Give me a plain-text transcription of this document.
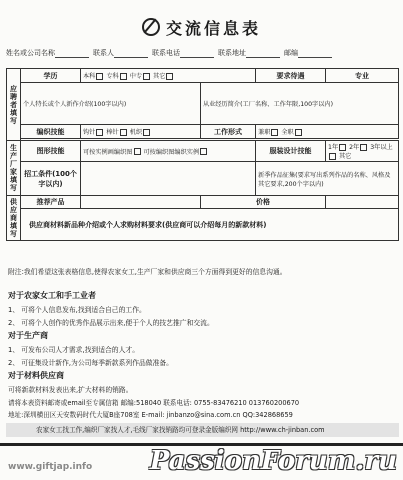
交流信息表
姓名或公司名称	联系人	联系电话	联系地址	邮编
应聘者填写	学历	本科 专科 中专 其它		要求待遇	专业
	个人特长或个人新作介绍(100字以内)		从业经历简介(工厂名称、工作年限,100字以内)		
	编织技能	钩针 棒针 机织	工作形式	兼职 全职	

生产厂家填写	图形技能	可按实例画编织图 可按编织图编织实例		服装设计技能	1年 2年 3年以上 其它
	招工条件(100个字以内)			新季作品征集(要求写出系列作品的名称、风格及其它要求,200个字以内)	
供应商填写	推荐产品		价格		
	供应商材料新品种介绍或个人求购材料要求(供应商可以介绍每月的新款材料)				
附注:我们希望这张表格信息,使得农家女工,生产厂家和供应商三个方面得到更好的信息沟通。
对于农家女工和手工业者
1、 可将个人信息发布,找到适合自己的工作。
2、 可将个人创作的优秀作品展示出来,便于个人的技艺推广和交流。
对于生产商
1、 可发布公司人才需求,找到适合的人才。
2、 可征集设计新作,为公司每季新款系列作品做准备。
对于材料供应商
可将新款材料发表出来,扩大材料的销路。
请将本表资料邮寄或email至专属信箱 邮编:518040 联系电话: 0755-83476210 013760200670
地址:深圳横田区天安数码时代大厦B座708室 E-mail: jinbanzo@sina.com.cn QQ:342868659
农家女工找工作,编织厂家找人才,毛线厂家找销路均可登录金版编织网 http://www.ch-jinban.com
www.giftjap.info PassionForum.ru
